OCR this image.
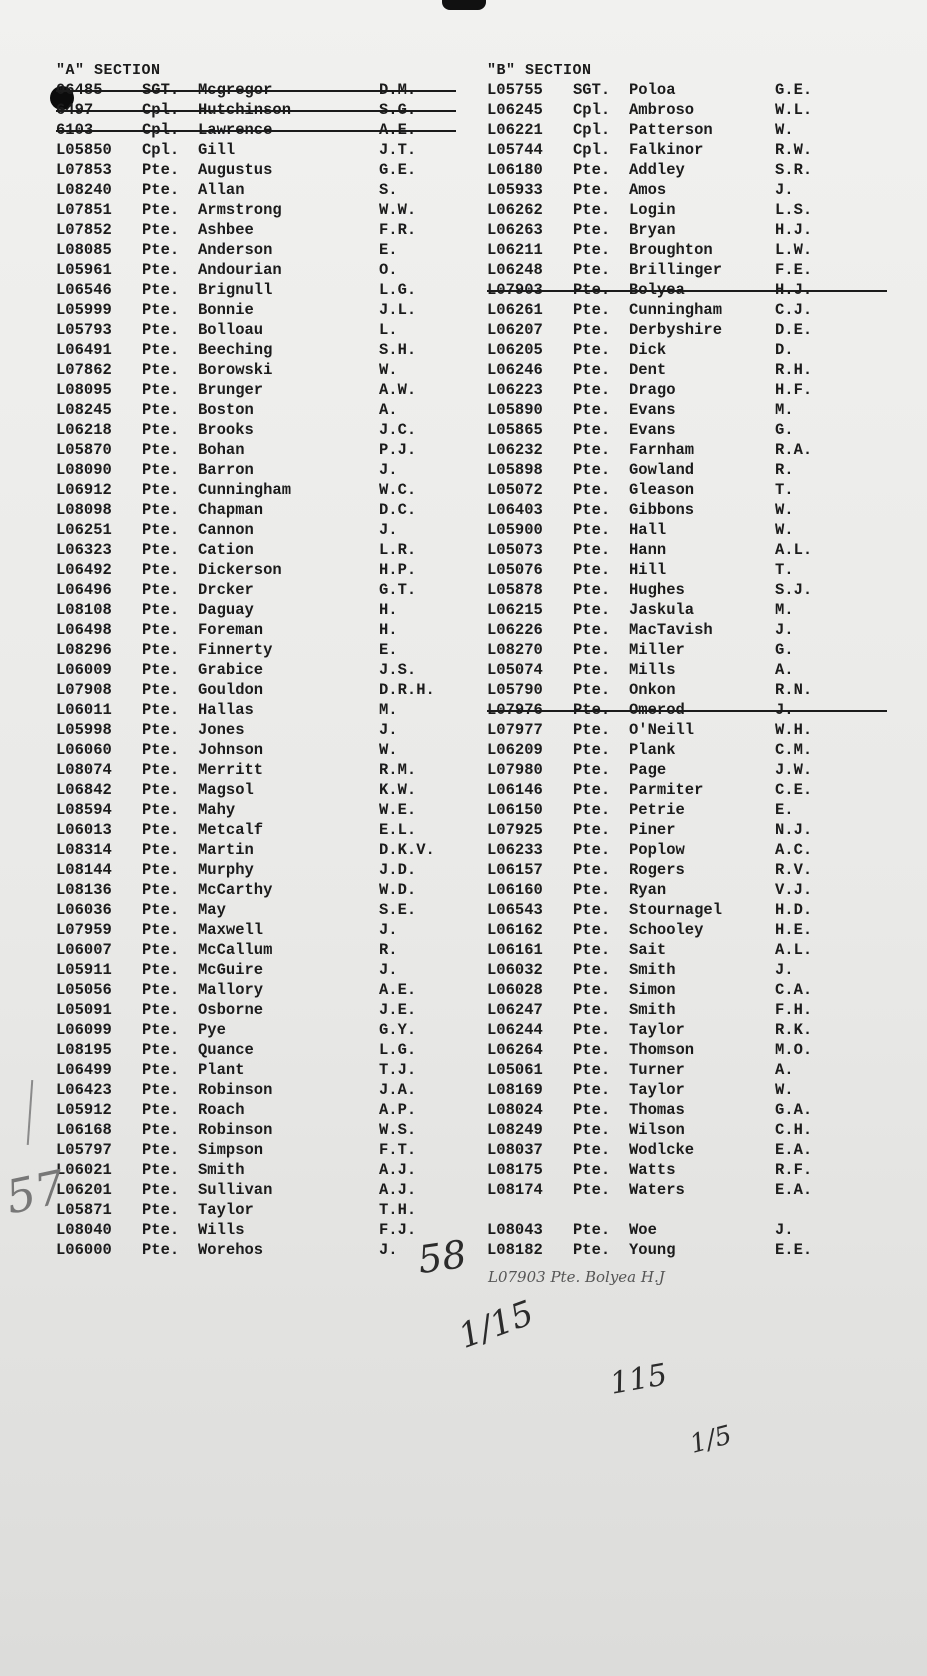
"A" SECTION	"B" SECTION
06485	SGT. Mcgregor	D.M.
6497	Cpl. Hutchinson	S.G.
6103	Cpl. Lawrence	A.E.
L05850 Cpl. Gill	J.T.
L07853 Pte. Augustus	G.E.
L08240 Pte. Allan	S.
L07851 Pte. Armstrong	W.W.
L07852 Pte. Ashbee	F.R.
L08085 Pte. Anderson	E.
L05961 Pte. Andourian	O.
L06546 Pte. Brignull	L.G.
L05999 Pte. Bonnie	J.L.
L05793 Pte. Bolloau	L.
L06491 Pte. Beeching	S.H.
L07862 Pte. Borowski	W.
L08095 Pte. Brunger	A.W.
L08245 Pte. Boston	A.
L06218 Pte. Brooks	J.C.
L05870 Pte. Bohan	P.J.
L08090 Pte. Barron	J.
L06912 Pte. Cunningham	W.C.
L08098 Pte. Chapman	D.C.
L06251 Pte. Cannon	J.
L06323 Pte. Cation	L.R.
L06492 Pte. Dickerson	H.P.
L06496 Pte. Drcker	G.T.
L08108 Pte. Daguay	H.
L06498 Pte. Foreman	H.
L08296 Pte. Finnerty	E.
L06009 Pte. Grabice	J.S.
L07908 Pte. Gouldon	D.R.H.
L06011 Pte. Hallas	M.
L05998 Pte. Jones	J.
L06060 Pte. Johnson	W.
L08074 Pte. Merritt	R.M.
L06842 Pte. Magsol	K.W.
L08594 Pte. Mahy	W.E.
L06013 Pte. Metcalf	E.L.
L08314 Pte. Martin	D.K.V.
L08144 Pte. Murphy	J.D.
L08136 Pte. McCarthy	W.D.
L06036 Pte. May	S.E.
L07959 Pte. Maxwell	J.
L06007 Pte. McCallum	R.
L05911 Pte. McGuire	J.
L05056 Pte. Mallory	A.E.
L05091 Pte. Osborne	J.E.
L06099 Pte. Pye	G.Y.
L08195 Pte. Quance	L.G.
L06499 Pte. Plant	T.J.
L06423 Pte. Robinson	J.A.
L05912 Pte. Roach	A.P.
L06168 Pte. Robinson	W.S.
L05797 Pte. Simpson	F.T.
L06021 Pte. Smith	A.J.
L06201 Pte. Sullivan	A.J.
L05871 Pte. Taylor	T.H.
L08040 Pte. Wills	F.J.
L06000 Pte. Worehos	J.
L05755 SGT. Poloa	G.E.
L06245 Cpl. Ambroso	W.L.
L06221 Cpl. Patterson	W.
L05744 Cpl. Falkinor	R.W.
L06180 Pte. Addley	S.R.
L05933 Pte. Amos	J.
L06262 Pte. Login	L.S.
L06263 Pte. Bryan	H.J.
L06211 Pte. Broughton	L.W.
L06248 Pte. Brillinger	F.E.
L07903 Pte. Bolyea	H.J.
L06261 Pte. Cunningham	C.J.
L06207 Pte. Derbyshire	D.E.
L06205 Pte. Dick	D.
L06246 Pte. Dent	R.H.
L06223 Pte. Drago	H.F.
L05890 Pte. Evans	M.
L05865 Pte. Evans	G.
L06232 Pte. Farnham	R.A.
L05898 Pte. Gowland	R.
L05072 Pte. Gleason	T.
L06403 Pte. Gibbons	W.
L05900 Pte. Hall	W.
L05073 Pte. Hann	A.L.
L05076 Pte. Hill	T.
L05878 Pte. Hughes	S.J.
L06215 Pte. Jaskula	M.
L06226 Pte. MacTavish	J.
L08270 Pte. Miller	G.
L05074 Pte. Mills	A.
L05790 Pte. Onkon	R.N.
L07976 Pte. Omerod	J.
L07977 Pte. O'Neill	W.H.
L06209 Pte. Plank	C.M.
L07980 Pte. Page	J.W.
L06146 Pte. Parmiter	C.E.
L06150 Pte. Petrie	E.
L07925 Pte. Piner	N.J.
L06233 Pte. Poplow	A.C.
L06157 Pte. Rogers	R.V.
L06160 Pte. Ryan	V.J.
L06543 Pte. Stournagel	H.D.
L06162 Pte. Schooley	H.E.
L06161 Pte. Sait	A.L.
L06032 Pte. Smith	J.
L06028 Pte. Simon	C.A.
L06247 Pte. Smith	F.H.
L06244 Pte. Taylor	R.K.
L06264 Pte. Thomson	M.O.
L05061 Pte. Turner	A.
L08169 Pte. Taylor	W.
L08024 Pte. Thomas	G.A.
L08249 Pte. Wilson	C.H.
L08037 Pte. Wodlcke	E.A.
L08175 Pte. Watts	R.F.
L08174 Pte. Waters	E.A.
L08043 Pte. Woe	J.
L08182 Pte. Young	E.E.
L07903 Pte. Bolyea H.J
57
58
1/15
115
1/5
